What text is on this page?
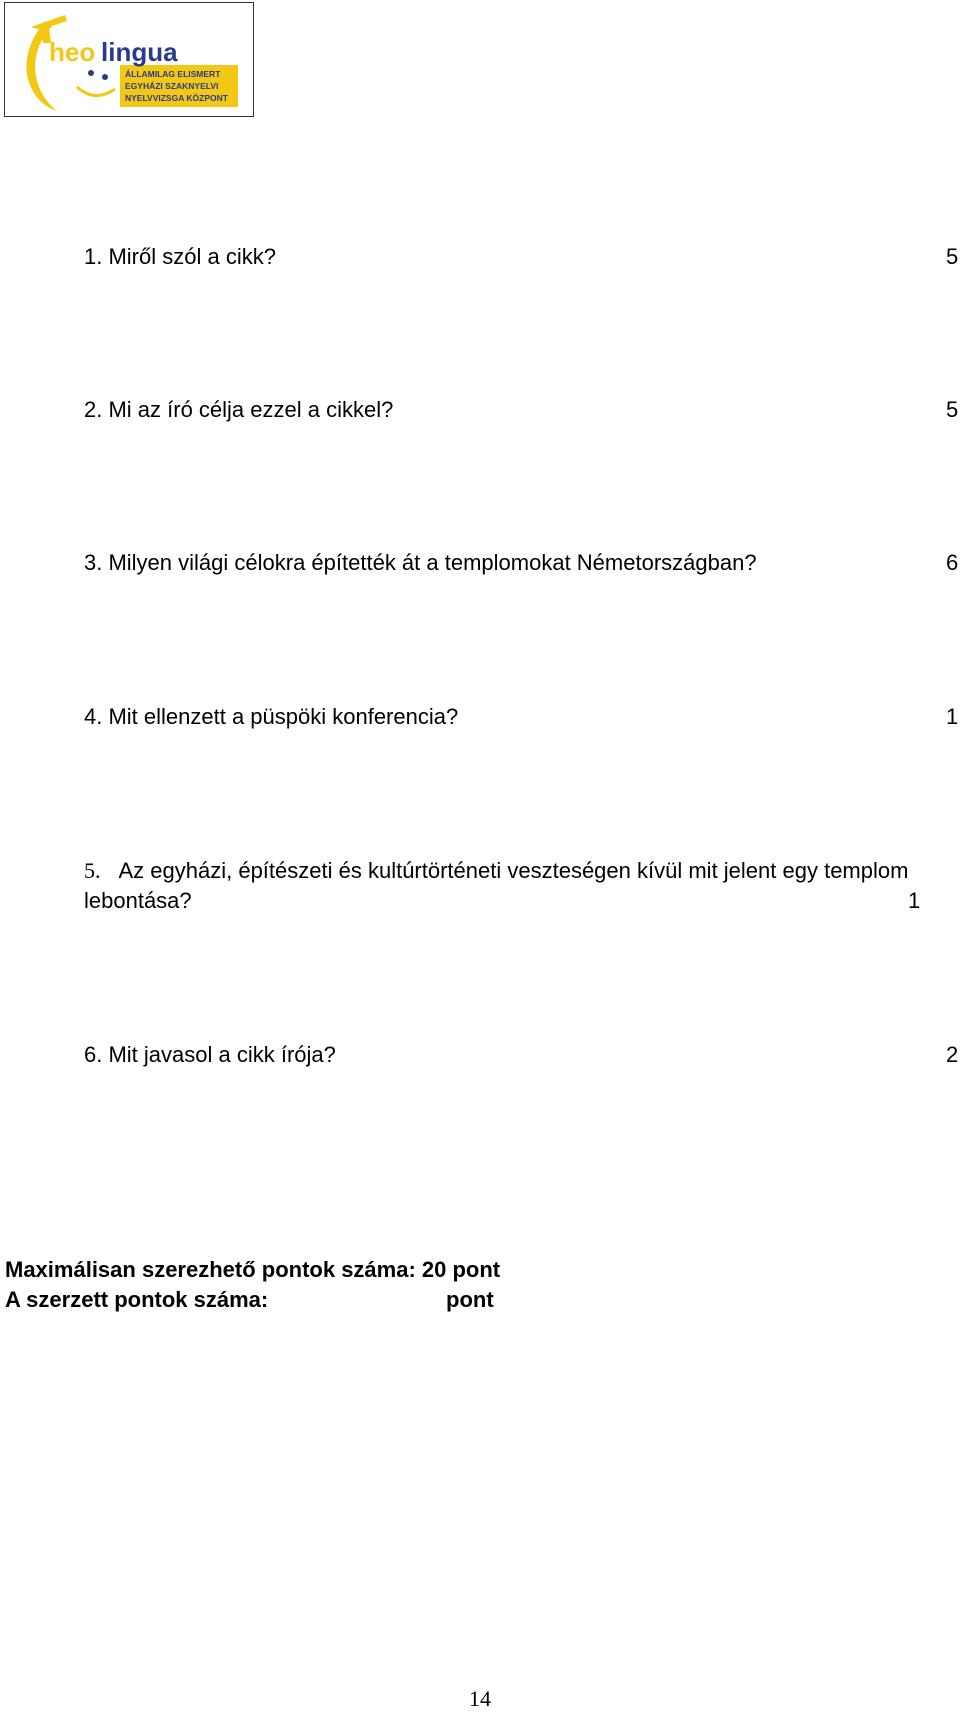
heo lingua
ÁLLAMILAG ELISMERT
EGYHÁZI SZAKNYELVI
NYELVVIZSGA KÖZPONT
1. Miről szól a cikk?	5
2. Mi az író célja ezzel a cikkel?	5
3. Milyen világi célokra építették át a templomokat Németországban?	6
4. Mit ellenzett a püspöki konferencia?	1
5. Az egyházi, építészeti és kultúrtörténeti veszteségen kívül mit jelent egy templom
lebontása?	1
6. Mit javasol a cikk írója?	2
Maximálisan szerezhető pontok száma: 20 pont
A szerzett pontok száma:	pont
14
